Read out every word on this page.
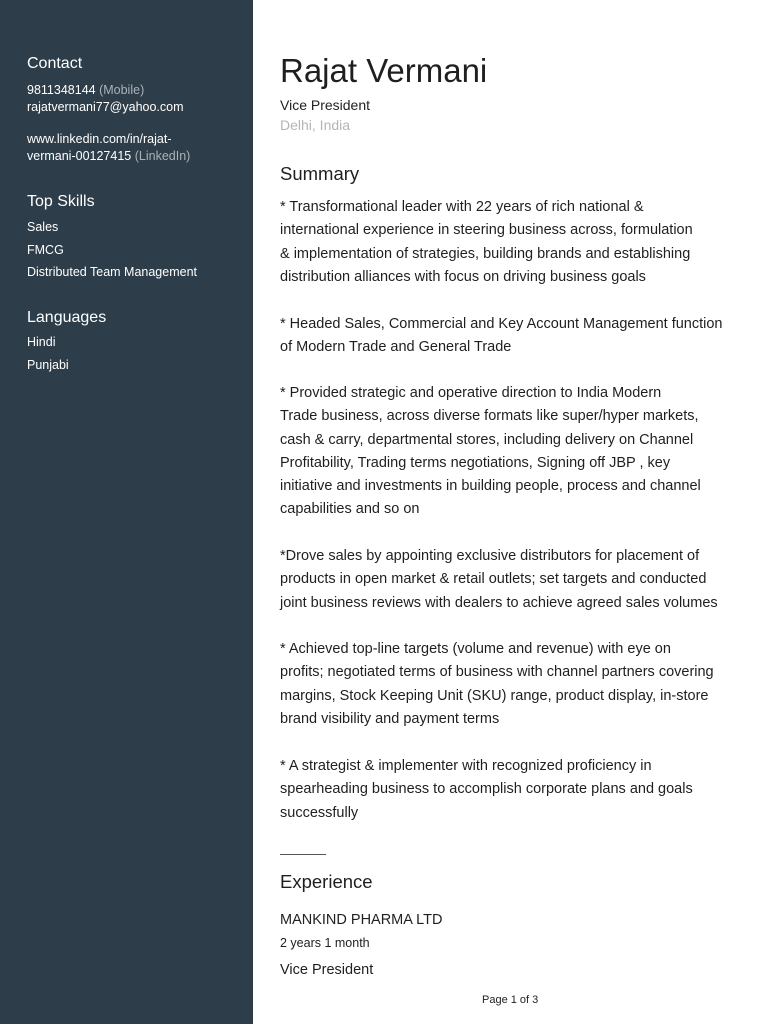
Contact
9811348144 (Mobile)
rajatvermani77@yahoo.com
www.linkedin.com/in/rajat-
vermani-00127415 (LinkedIn)
Top Skills
Sales
FMCG
Distributed Team Management
Languages
Hindi
Punjabi
Rajat Vermani
Vice President
Delhi, India
Summary
* Transformational leader with 22 years of rich national &
international experience in steering business across, formulation
& implementation of strategies, building brands and establishing
distribution alliances with focus on driving business goals
* Headed Sales, Commercial and Key Account Management function
of Modern Trade and General Trade
* Provided strategic and operative direction to India Modern
Trade business, across diverse formats like super/hyper markets,
cash & carry, departmental stores, including delivery on Channel
Profitability, Trading terms negotiations, Signing off JBP , key
initiative and investments in building people, process and channel
capabilities and so on
*Drove sales by appointing exclusive distributors for placement of
products in open market & retail outlets; set targets and conducted
joint business reviews with dealers to achieve agreed sales volumes
* Achieved top-line targets (volume and revenue) with eye on
profits; negotiated terms of business with channel partners covering
margins, Stock Keeping Unit (SKU) range, product display, in-store
brand visibility and payment terms
* A strategist & implementer with recognized proficiency in
spearheading business to accomplish corporate plans and goals
successfully
Experience
MANKIND PHARMA LTD
2 years 1 month
Vice President
Page 1 of 3
